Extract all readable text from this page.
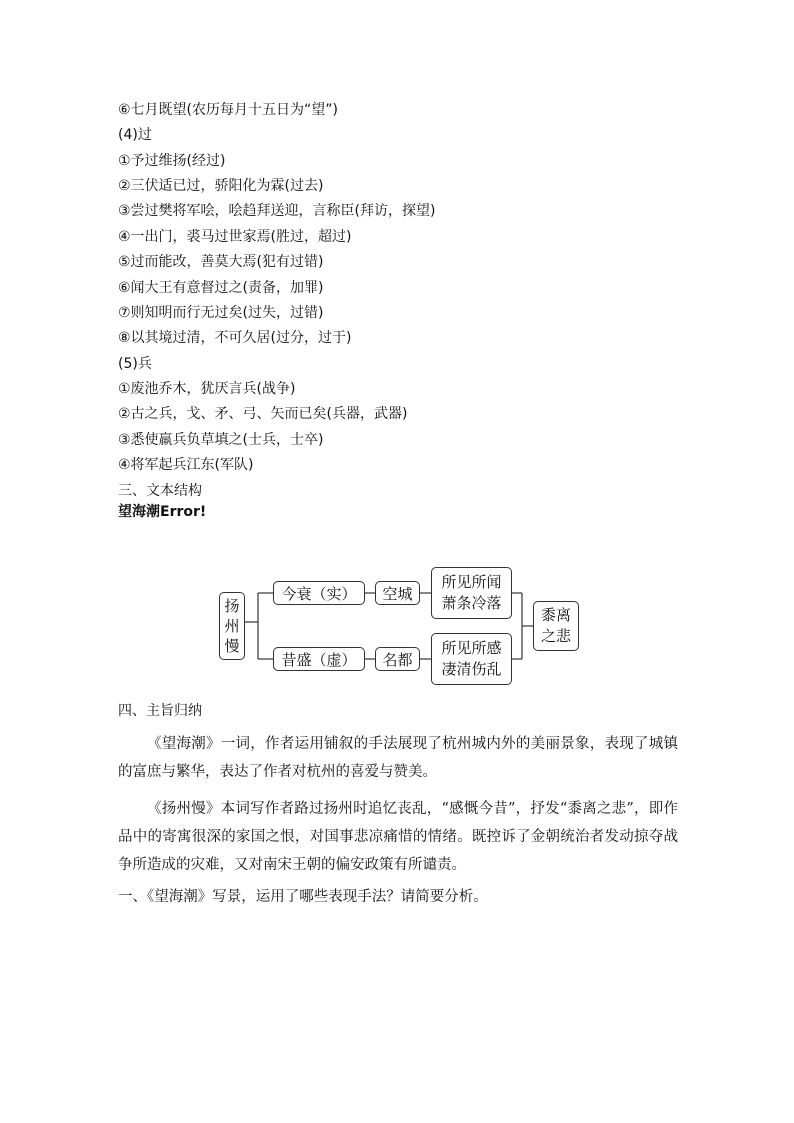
⑥七月既望(农历每月十五日为“望”)
(4)过
①予过维扬(经过)
②三伏适已过，骄阳化为霖(过去)
③尝过樊将军哙，哙趋拜送迎，言称臣(拜访，探望)
④一出门，裘马过世家焉(胜过，超过)
⑤过而能改，善莫大焉(犯有过错)
⑥闻大王有意督过之(责备，加罪)
⑦则知明而行无过矣(过失，过错)
⑧以其境过清，不可久居(过分，过于)
(5)兵
①废池乔木，犹厌言兵(战争)
②古之兵，戈、矛、弓、矢而已矣(兵器，武器)
③悉使羸兵负草填之(士兵，士卒)
④将军起兵江东(军队)
三、文本结构
望海潮Error!
扬州慢
今衰（实）	空城
所见所闻萧条冷落
昔盛（虚）	名都
所见所感凄清伤乱
黍离之悲
四、主旨归纳
《望海潮》一词，作者运用铺叙的手法展现了杭州城内外的美丽景象，表现了城镇的富庶与繁华，表达了作者对杭州的喜爱与赞美。
《扬州慢》本词写作者路过扬州时追忆丧乱，“感慨今昔”，抒发“黍离之悲”，即作品中的寄寓很深的家国之恨，对国事悲凉痛惜的情绪。既控诉了金朝统治者发动掠夺战争所造成的灾难，又对南宋王朝的偏安政策有所谴责。
一、《望海潮》写景，运用了哪些表现手法？请简要分析。
